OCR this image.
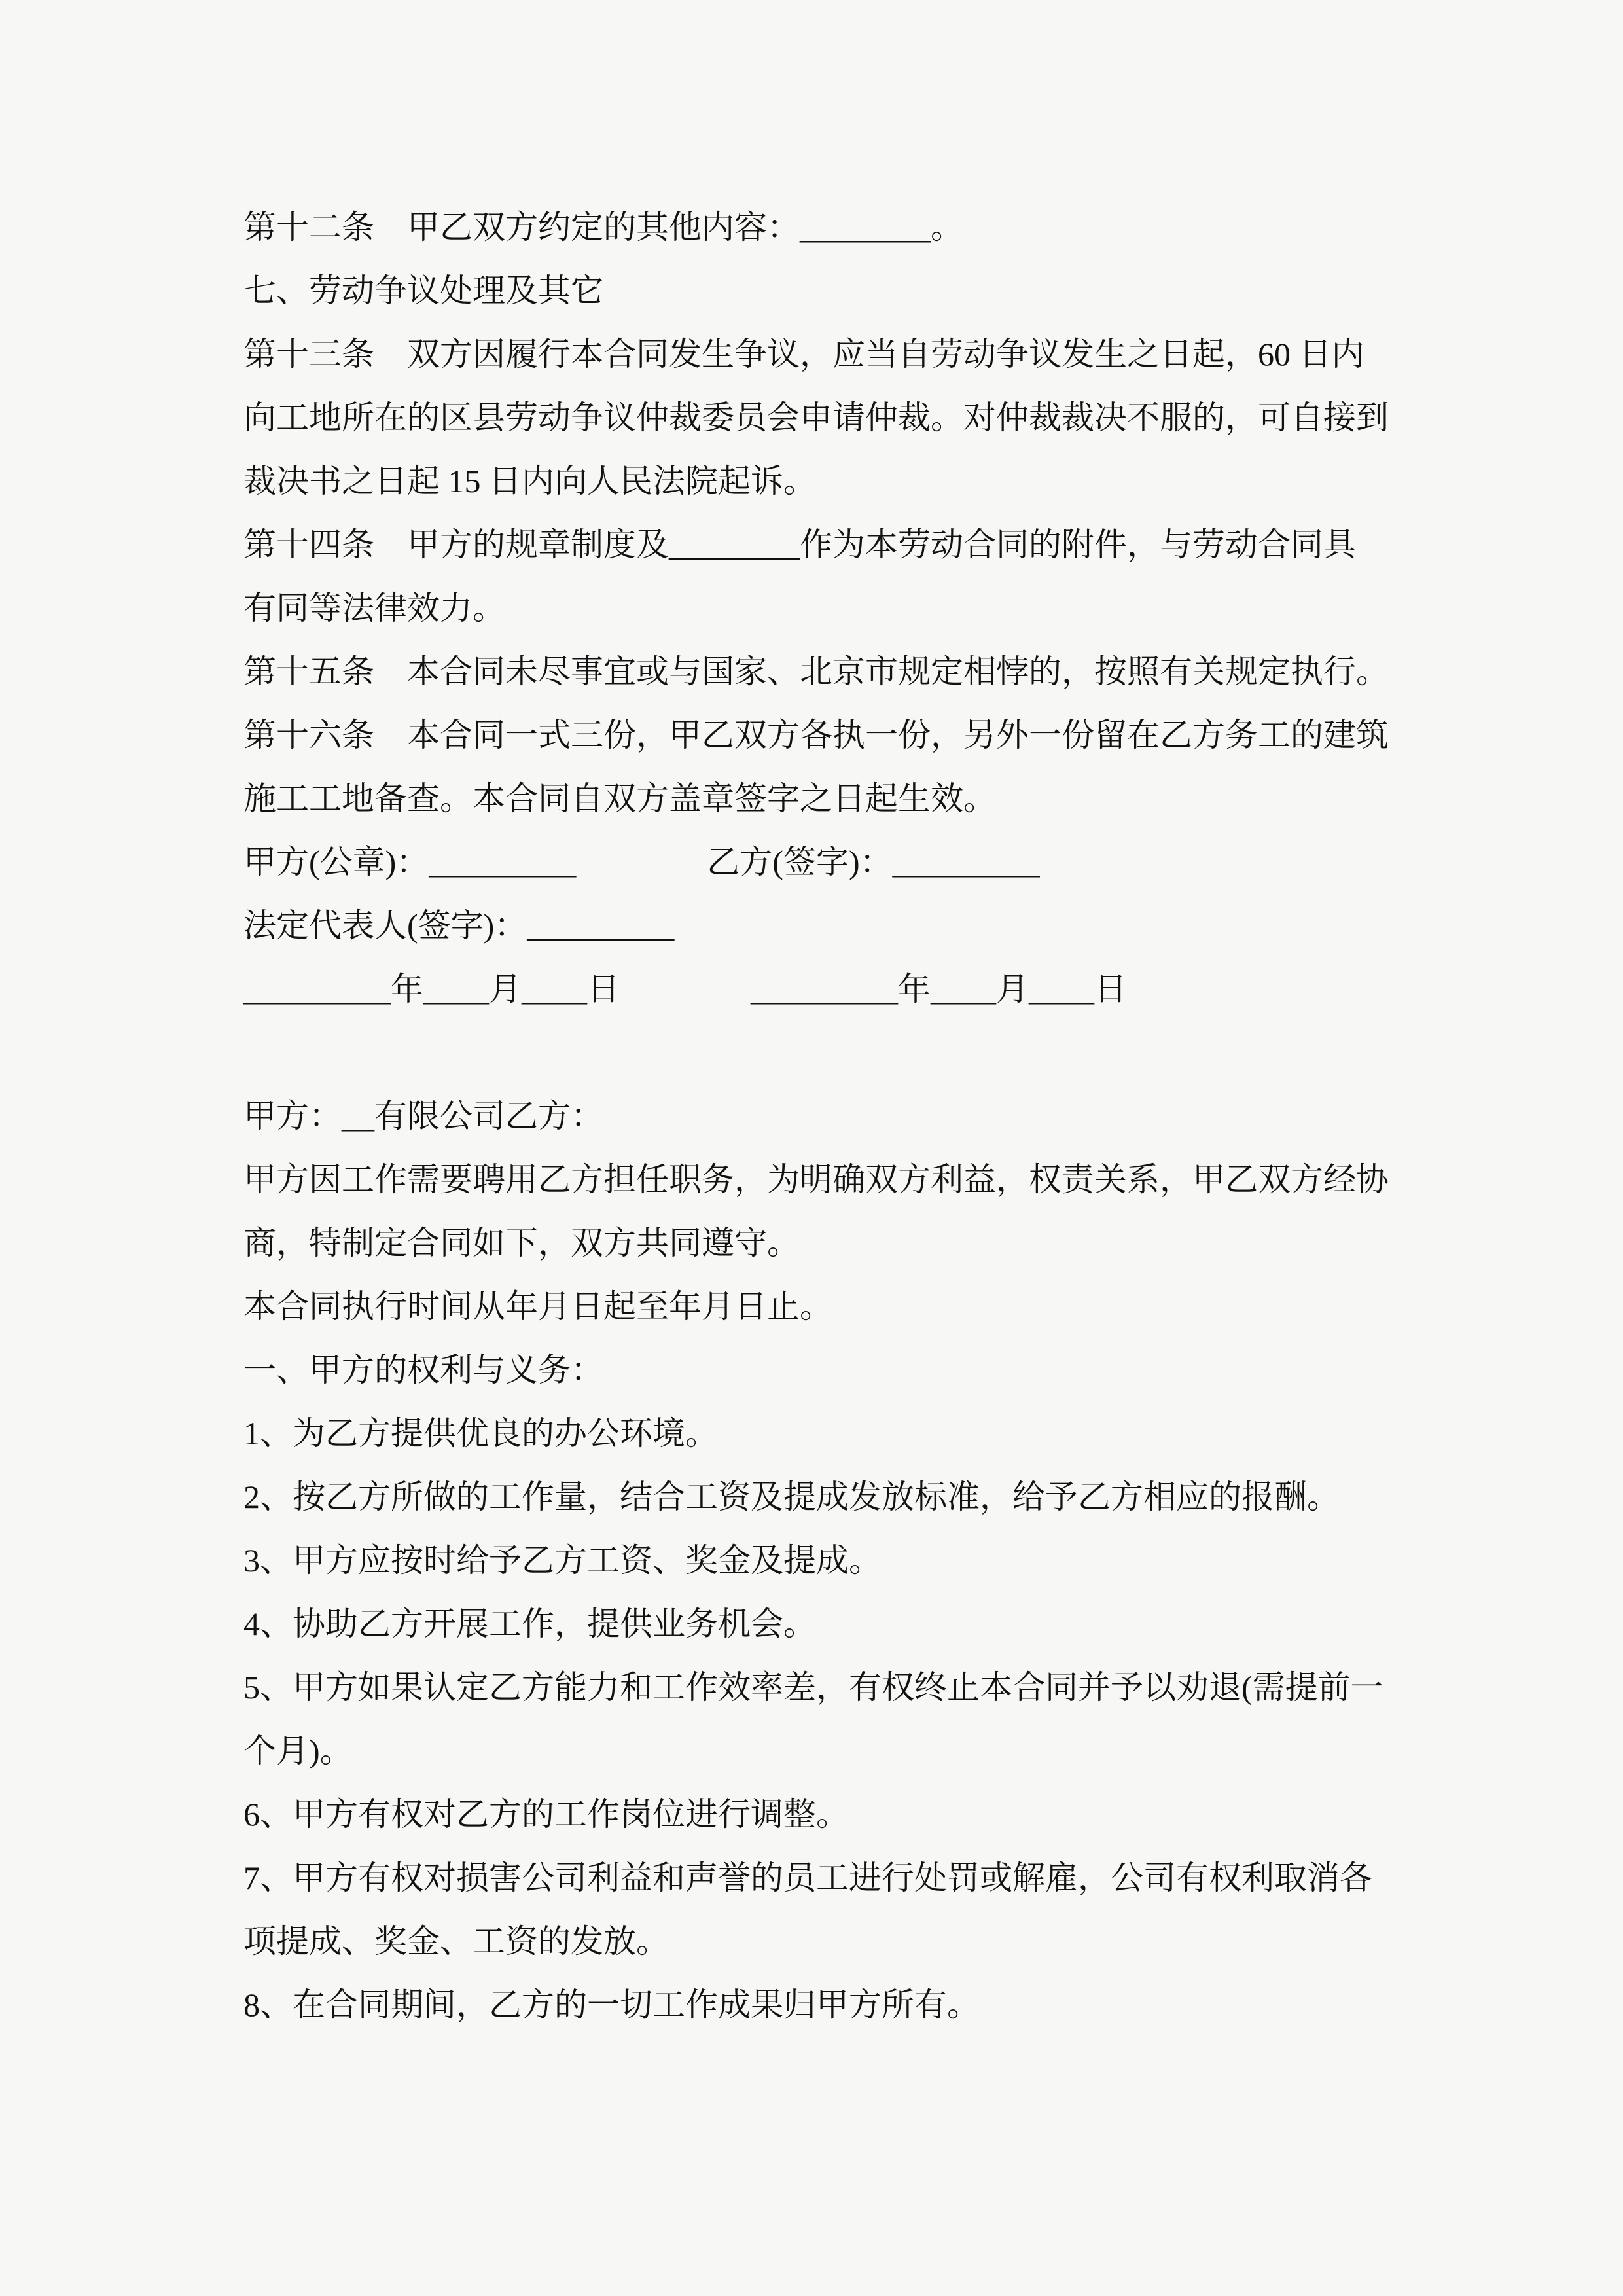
第十二条　甲乙双方约定的其他内容：________。
七、劳动争议处理及其它
第十三条　双方因履行本合同发生争议，应当自劳动争议发生之日起，60 日内
向工地所在的区县劳动争议仲裁委员会申请仲裁。对仲裁裁决不服的，可自接到
裁决书之日起 15 日内向人民法院起诉。
第十四条　甲方的规章制度及________作为本劳动合同的附件，与劳动合同具
有同等法律效力。
第十五条　本合同未尽事宜或与国家、北京市规定相悖的，按照有关规定执行。
第十六条　本合同一式三份，甲乙双方各执一份，另外一份留在乙方务工的建筑
施工工地备查。本合同自双方盖章签字之日起生效。
甲方(公章)：_________　　　　乙方(签字)：_________
法定代表人(签字)：_________
_________年____月____日　　　　_________年____月____日
甲方：__有限公司乙方：
甲方因工作需要聘用乙方担任职务，为明确双方利益，权责关系，甲乙双方经协
商，特制定合同如下，双方共同遵守。
本合同执行时间从年月日起至年月日止。
一、甲方的权利与义务：
1、为乙方提供优良的办公环境。
2、按乙方所做的工作量，结合工资及提成发放标准，给予乙方相应的报酬。
3、甲方应按时给予乙方工资、奖金及提成。
4、协助乙方开展工作，提供业务机会。
5、甲方如果认定乙方能力和工作效率差，有权终止本合同并予以劝退(需提前一
个月)。
6、甲方有权对乙方的工作岗位进行调整。
7、甲方有权对损害公司利益和声誉的员工进行处罚或解雇，公司有权利取消各
项提成、奖金、工资的发放。
8、在合同期间，乙方的一切工作成果归甲方所有。
